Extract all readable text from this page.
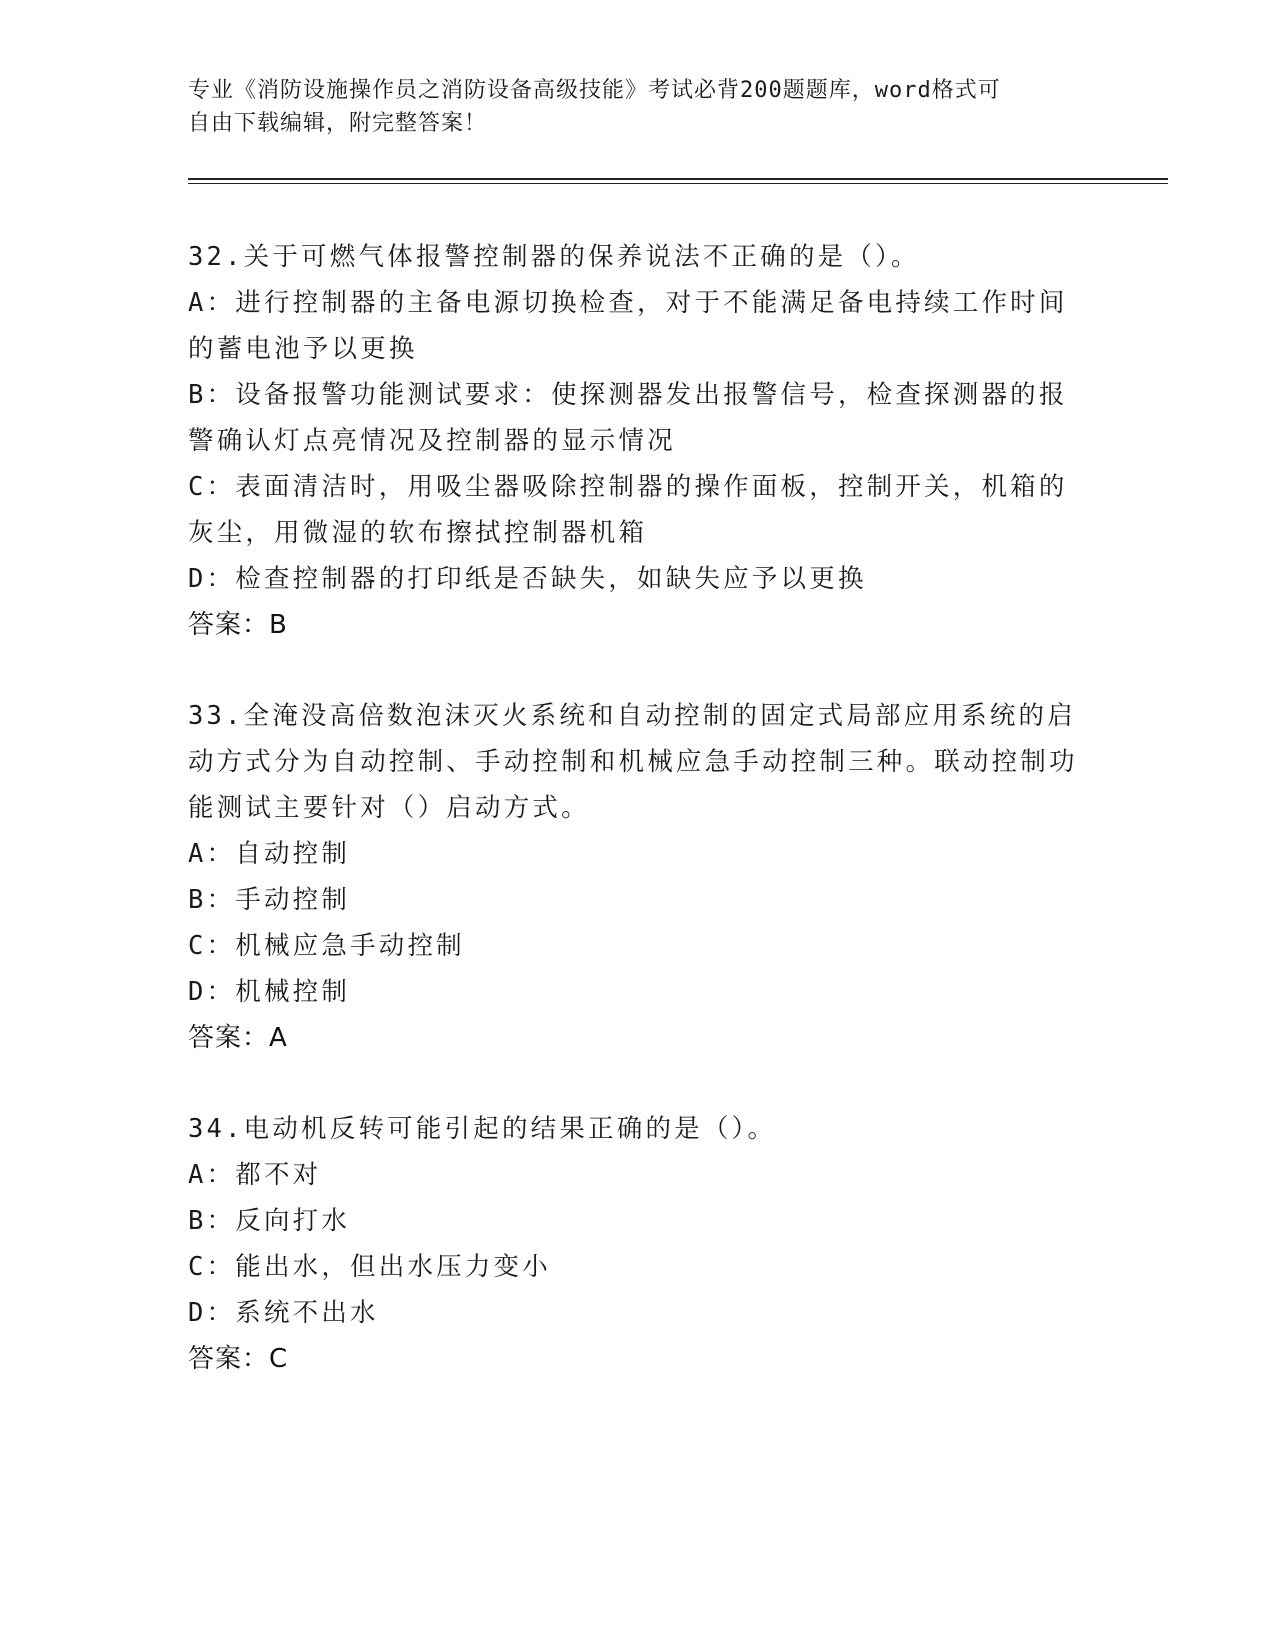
专业《消防设施操作员之消防设备高级技能》考试必背200题题库，word格式可
自由下载编辑，附完整答案！
32.关于可燃气体报警控制器的保养说法不正确的是（）。
A：进行控制器的主备电源切换检查，对于不能满足备电持续工作时间的蓄电池予以更换
B：设备报警功能测试要求：使探测器发出报警信号，检查探测器的报警确认灯点亮情况及控制器的显示情况
C：表面清洁时，用吸尘器吸除控制器的操作面板，控制开关，机箱的灰尘，用微湿的软布擦拭控制器机箱
D：检查控制器的打印纸是否缺失，如缺失应予以更换
答案：B
33.全淹没高倍数泡沫灭火系统和自动控制的固定式局部应用系统的启动方式分为自动控制、手动控制和机械应急手动控制三种。联动控制功能测试主要针对（）启动方式。
A：自动控制
B：手动控制
C：机械应急手动控制
D：机械控制
答案：A
34.电动机反转可能引起的结果正确的是（）。
A：都不对
B：反向打水
C：能出水，但出水压力变小
D：系统不出水
答案：C
